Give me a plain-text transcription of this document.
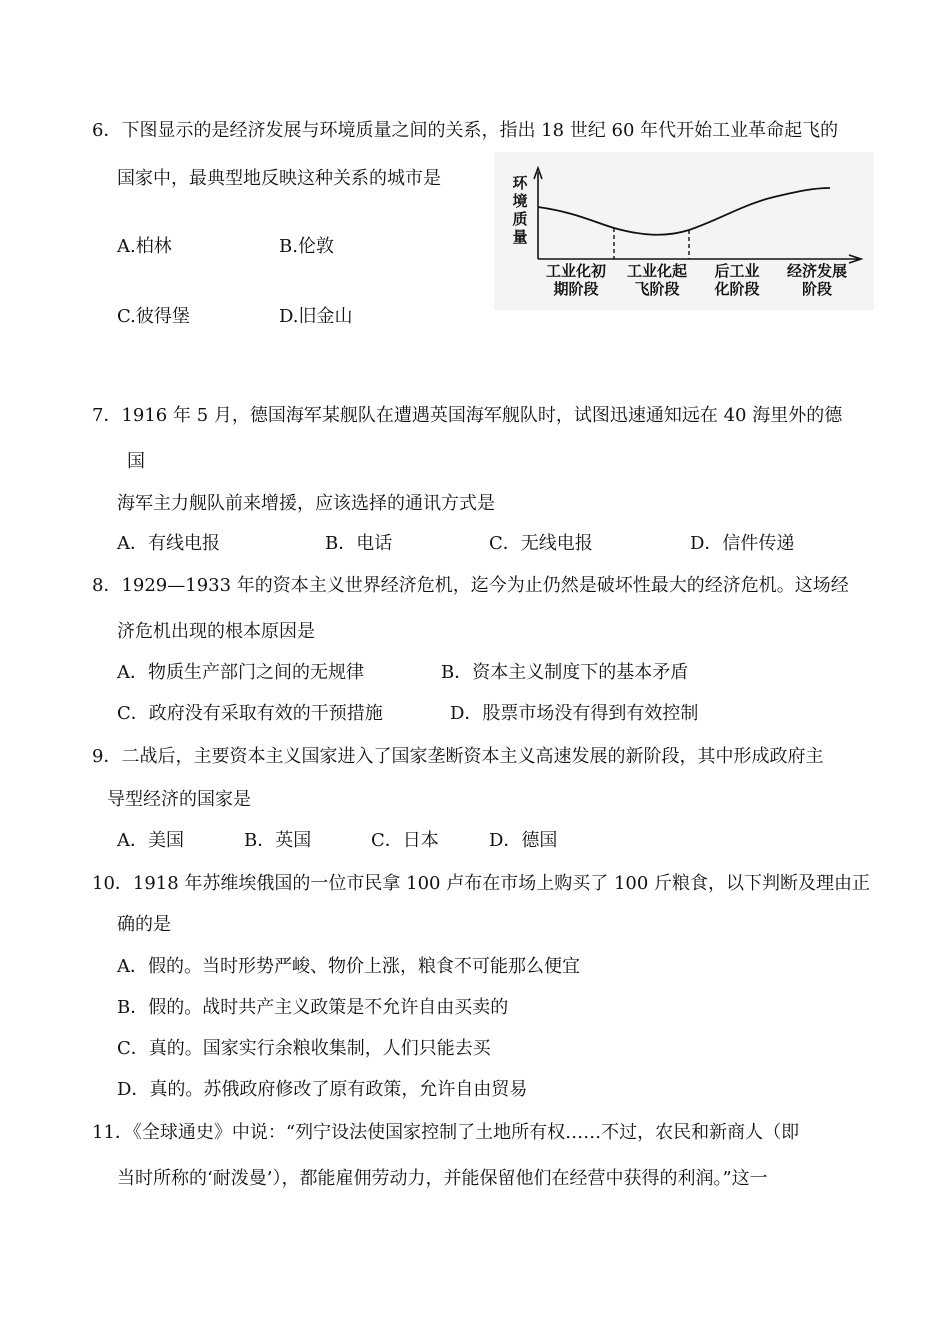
6．下图显示的是经济发展与环境质量之间的关系，指出 18 世纪 60 年代开始工业革命起飞的
国家中，最典型地反映这种关系的城市是
A.柏林	B.伦敦
C.彼得堡	D.旧金山
环
境
质
量
工业化初
期阶段
工业化起
飞阶段
后工业
化阶段
经济发展
阶段
7．1916 年 5 月，德国海军某舰队在遭遇英国海军舰队时，试图迅速通知远在 40 海里外的德
国
海军主力舰队前来增援，应该选择的通讯方式是
A．有线电报	B．电话	C．无线电报	D．信件传递
8．1929—1933 年的资本主义世界经济危机，迄今为止仍然是破坏性最大的经济危机。这场经
济危机出现的根本原因是
A．物质生产部门之间的无规律	B．资本主义制度下的基本矛盾
C．政府没有采取有效的干预措施	D．股票市场没有得到有效控制
9．二战后，主要资本主义国家进入了国家垄断资本主义高速发展的新阶段，其中形成政府主
导型经济的国家是
A．美国	B．英国	C．日本	D．德国
10．1918 年苏维埃俄国的一位市民拿 100 卢布在市场上购买了 100 斤粮食，以下判断及理由正
确的是
A．假的。当时形势严峻、物价上涨，粮食不可能那么便宜
B．假的。战时共产主义政策是不允许自由买卖的
C．真的。国家实行余粮收集制，人们只能去买
D．真的。苏俄政府修改了原有政策，允许自由贸易
11．《全球通史》中说：“列宁设法使国家控制了土地所有权……不过，农民和新商人（即
当时所称的‘耐泼曼’），都能雇佣劳动力，并能保留他们在经营中获得的利润。”这一
